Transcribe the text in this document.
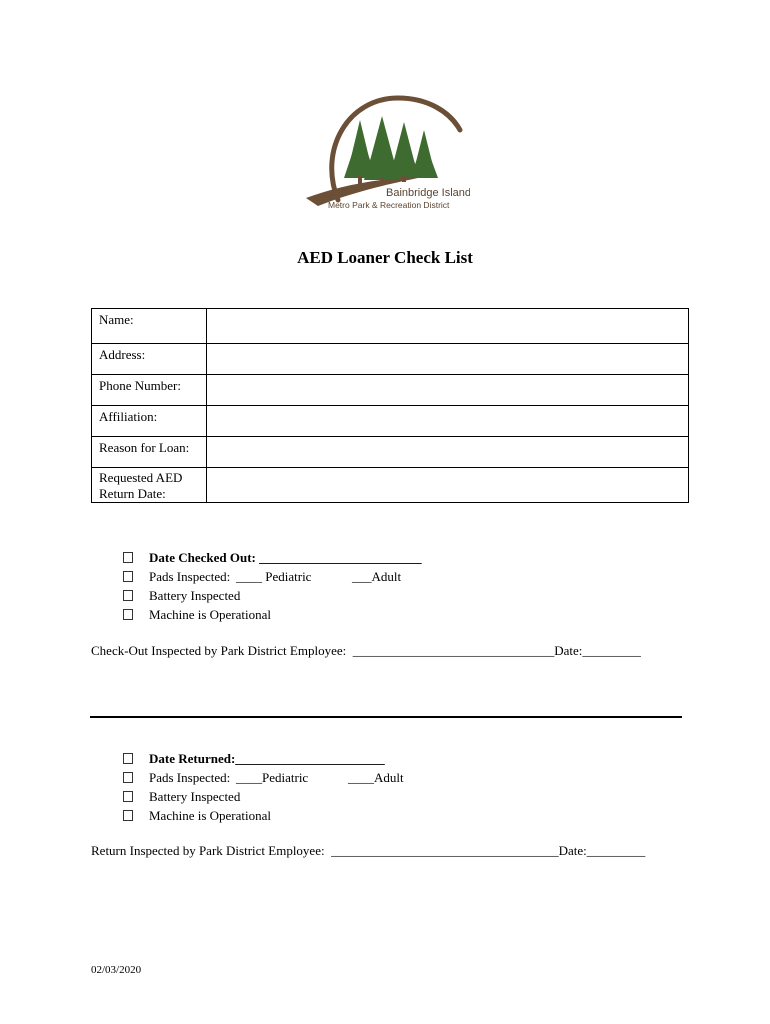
Bainbridge Island
Metro Park & Recreation District
AED Loaner Check List
Name:	
Address:	
Phone Number:	
Affiliation:	
Reason for Loan:	
Requested AED
Return Date:	

Date Checked Out: _________________________

Pads Inspected: ____ Pediatric	___Adult

Battery Inspected

Machine is Operational

Check-Out Inspected by Park District Employee:  _______________________________Date:_________

Date Returned:_______________________

Pads Inspected: ____Pediatric	____Adult

Battery Inspected

Machine is Operational

Return Inspected by Park District Employee:  ___________________________________Date:_________
02/03/2020
